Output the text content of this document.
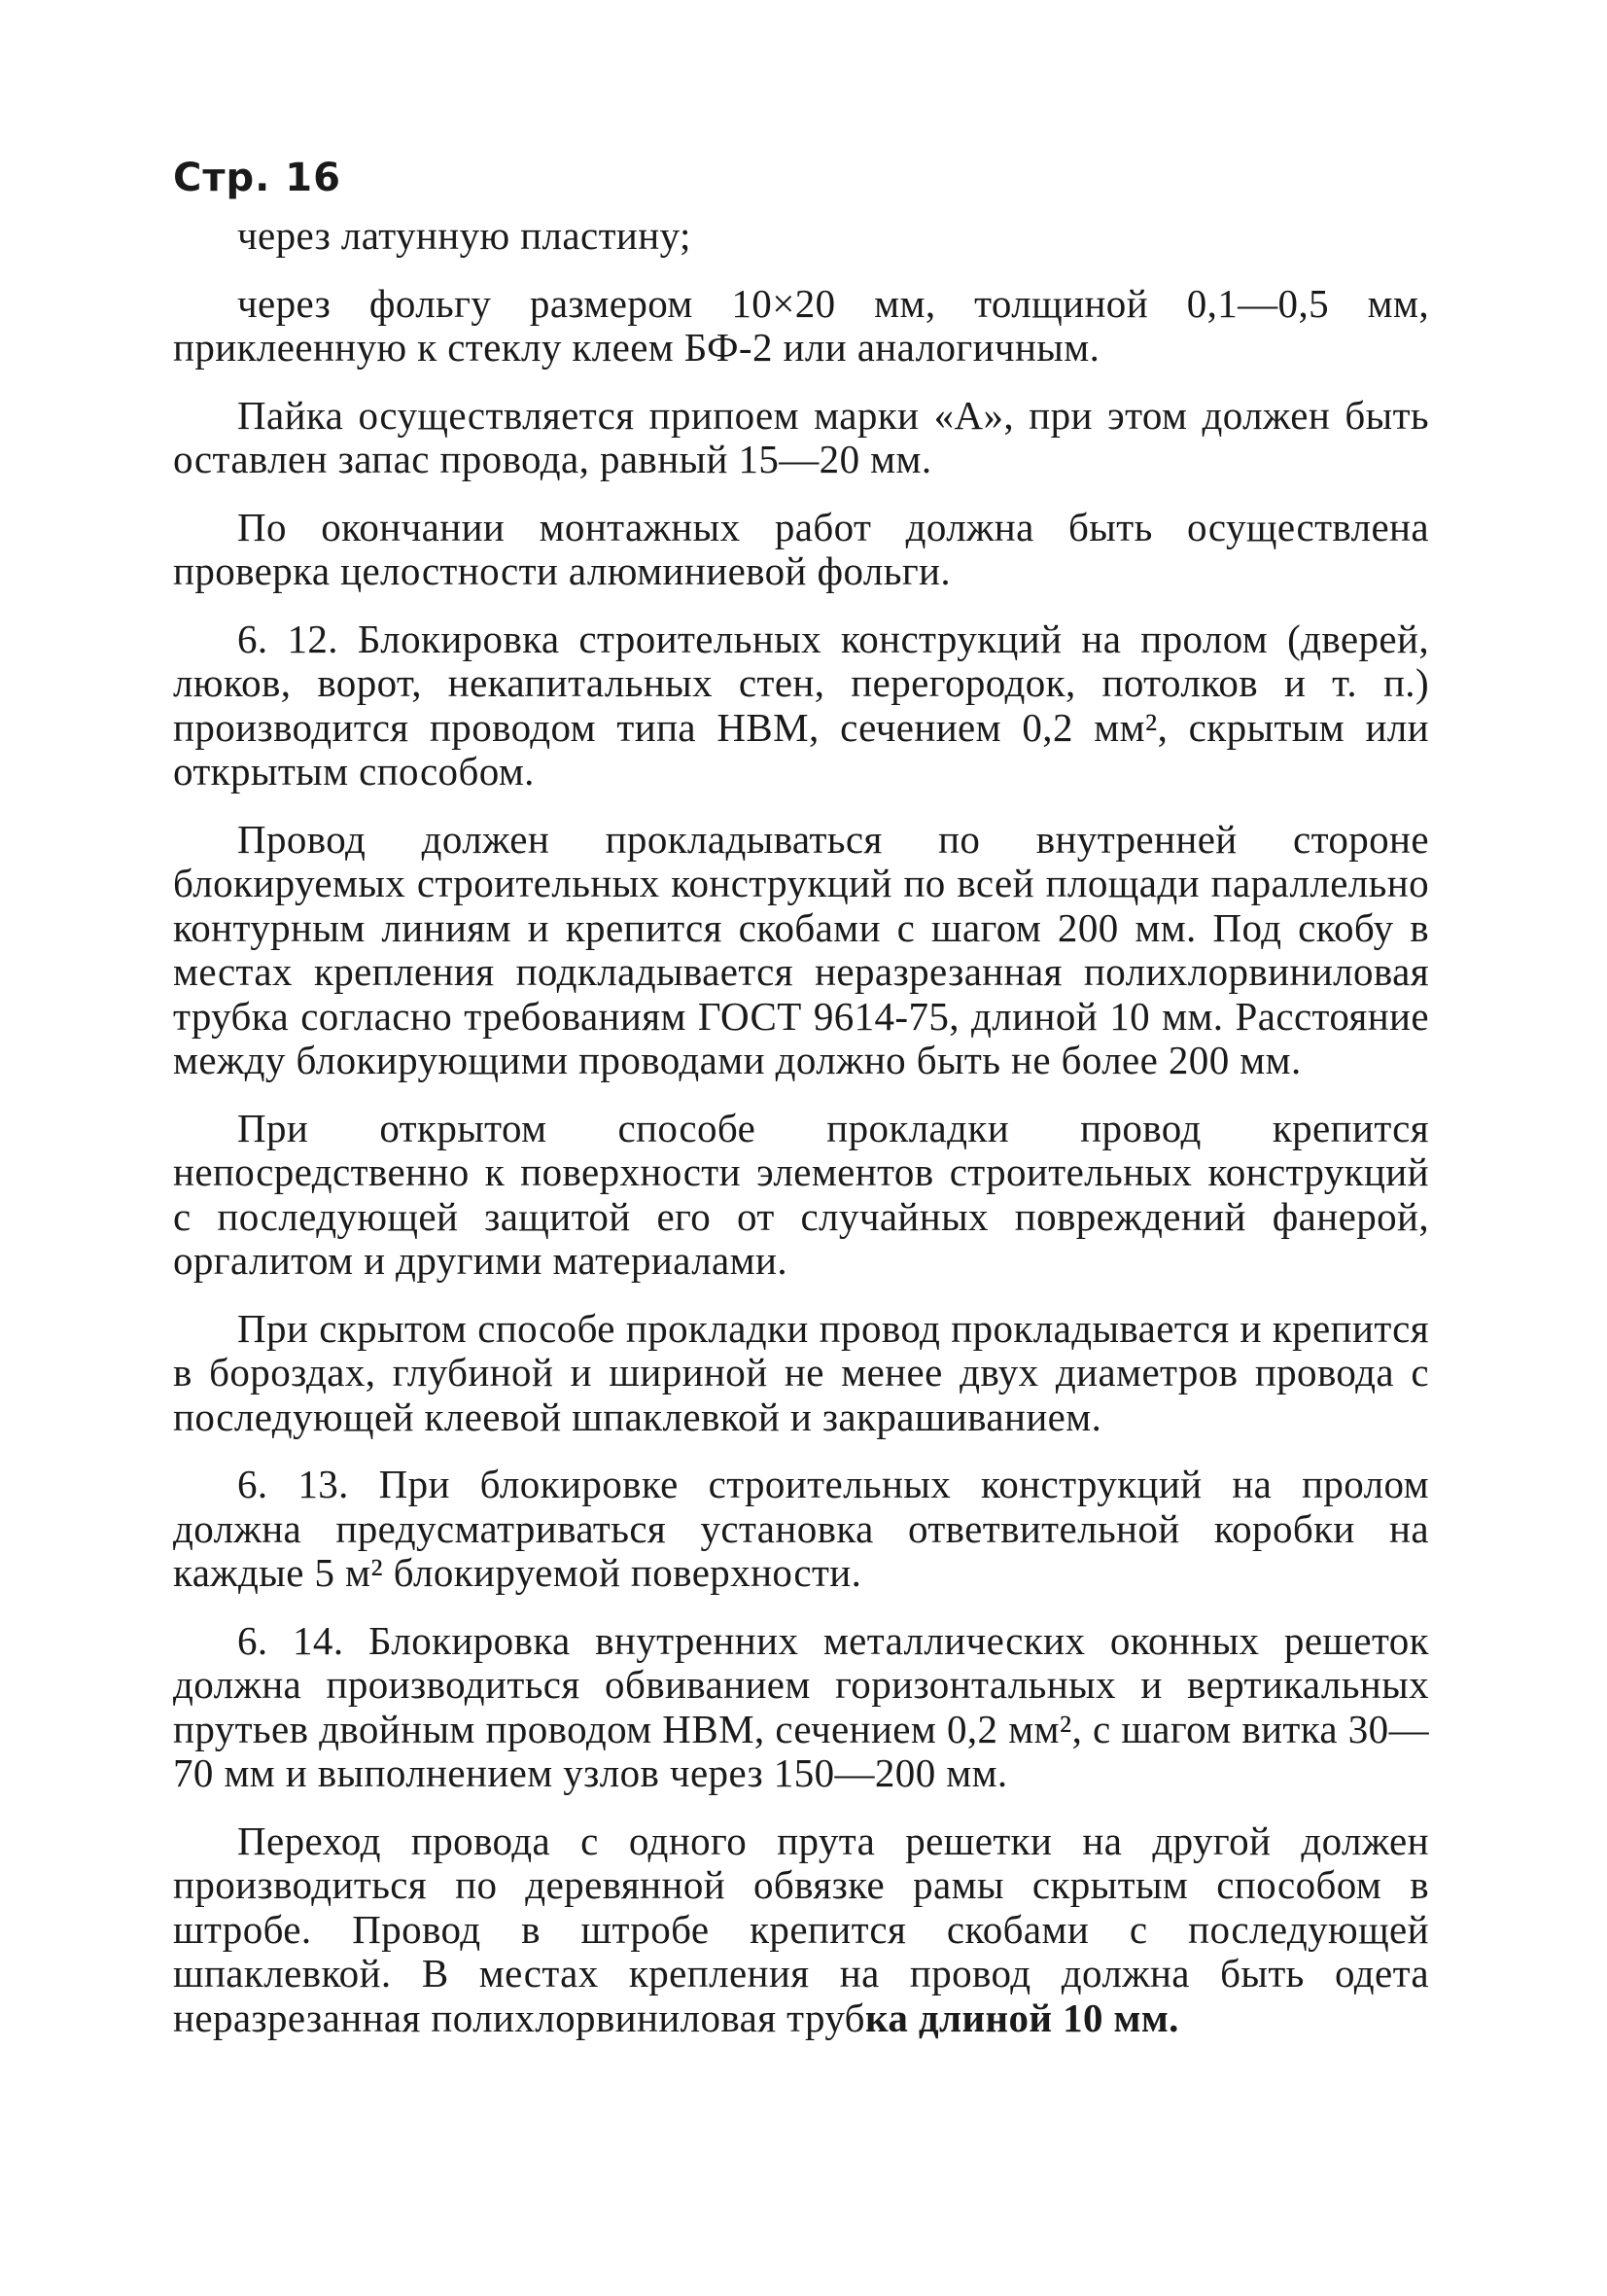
Стр. 16

через латунную пластину;

через фольгу размером 10×20 мм, толщиной 0,1—0,5 мм, приклеенную к стеклу клеем БФ-2 или аналогичным.

Пайка осуществляется припоем марки «А», при этом должен быть оставлен запас провода, равный 15—20 мм.

По окончании монтажных работ должна быть осуществлена проверка целостности алюминиевой фольги.

6. 12. Блокировка строительных конструкций на пролом (дверей, люков, ворот, некапитальных стен, перегородок, потолков и т. п.) производится проводом типа НВМ, сечением 0,2 мм², скрытым или открытым способом.

Провод должен прокладываться по внутренней стороне блокируемых строительных конструкций по всей площади параллельно контурным линиям и крепится скобами с шагом 200 мм. Под скобу в местах крепления подкладывается неразрезанная полихлорвиниловая трубка согласно требованиям ГОСТ 9614-75, длиной 10 мм. Расстояние между блокирующими проводами должно быть не более 200 мм.

При открытом способе прокладки провод крепится непосредственно к поверхности элементов строительных конструкций с последующей защитой его от случайных повреждений фанерой, оргалитом и другими материалами.

При скрытом способе прокладки провод прокладывается и крепится в бороздах, глубиной и шириной не менее двух диаметров провода с последующей клеевой шпаклевкой и закрашиванием.

6. 13. При блокировке строительных конструкций на пролом должна предусматриваться установка ответвительной коробки на каждые 5 м² блокируемой поверхности.

6. 14. Блокировка внутренних металлических оконных решеток должна производиться обвиванием горизонтальных и вертикальных прутьев двойным проводом НВМ, сечением 0,2 мм², с шагом витка 30—70 мм и выполнением узлов через 150—200 мм.

Переход провода с одного прута решетки на другой должен производиться по деревянной обвязке рамы скрытым способом в штробе. Провод в штробе крепится скобами с последующей шпаклевкой. В местах крепления на провод должна быть одета неразрезанная полихлорвиниловая трубка длиной 10 мм.
